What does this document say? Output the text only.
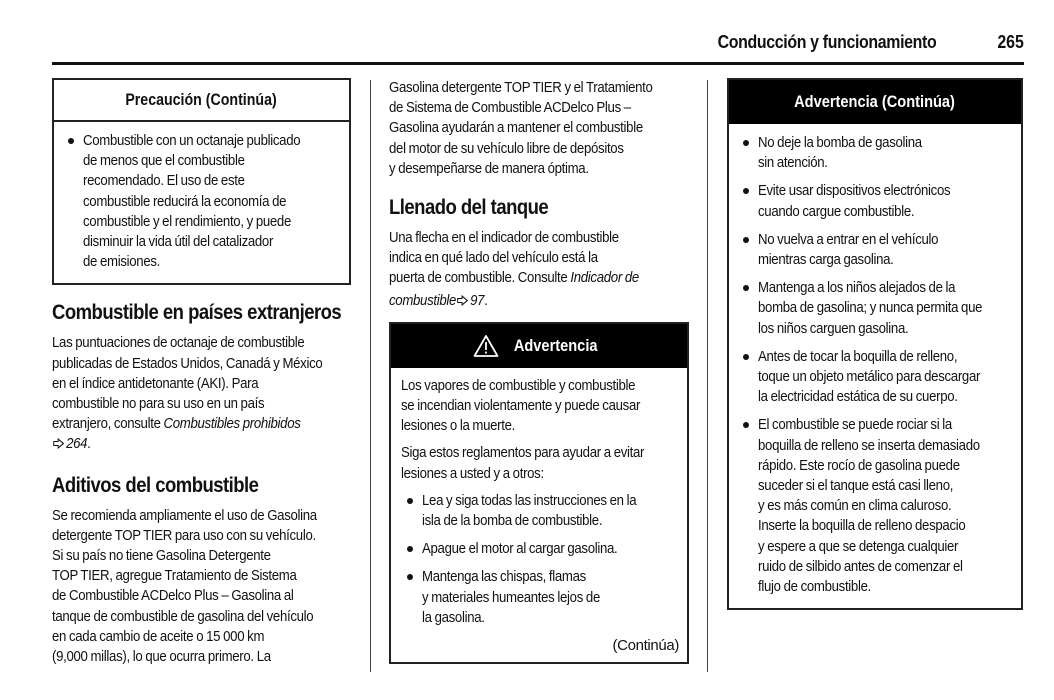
Conducción y funcionamiento	265
Precaución (Continúa)
Combustible con un octanaje publicado
de menos que el combustible
recomendado. El uso de este
combustible reducirá la economía de
combustible y el rendimiento, y puede
disminuir la vida útil del catalizador
de emisiones.
Combustible en países extranjeros
Las puntuaciones de octanaje de combustible
publicadas de Estados Unidos, Canadá y México
en el índice antidetonante (AKI). Para
combustible no para su uso en un país
extranjero, consulte Combustibles prohibidos
264.
Aditivos del combustible
Se recomienda ampliamente el uso de Gasolina
detergente TOP TIER para uso con su vehículo.
Si su país no tiene Gasolina Detergente
TOP TIER, agregue Tratamiento de Sistema
de Combustible ACDelco Plus – Gasolina al
tanque de combustible de gasolina del vehículo
en cada cambio de aceite o 15 000 km
(9,000 millas), lo que ocurra primero. La
Gasolina detergente TOP TIER y el Tratamiento
de Sistema de Combustible ACDelco Plus –
Gasolina ayudarán a mantener el combustible
del motor de su vehículo libre de depósitos
y desempeñarse de manera óptima.
Llenado del tanque
Una flecha en el indicador de combustible
indica en qué lado del vehículo está la
puerta de combustible. Consulte Indicador de
combustible 97.
Advertencia
Los vapores de combustible y combustible
se incendian violentamente y puede causar
lesiones o la muerte.
Siga estos reglamentos para ayudar a evitar
lesiones a usted y a otros:
Lea y siga todas las instrucciones en la
isla de la bomba de combustible.
Apague el motor al cargar gasolina.
Mantenga las chispas, flamas
y materiales humeantes lejos de
la gasolina.
(Continúa)
Advertencia (Continúa)
No deje la bomba de gasolina
sin atención.
Evite usar dispositivos electrónicos
cuando cargue combustible.
No vuelva a entrar en el vehículo
mientras carga gasolina.
Mantenga a los niños alejados de la
bomba de gasolina; y nunca permita que
los niños carguen gasolina.
Antes de tocar la boquilla de relleno,
toque un objeto metálico para descargar
la electricidad estática de su cuerpo.
El combustible se puede rociar si la
boquilla de relleno se inserta demasiado
rápido. Este rocío de gasolina puede
suceder si el tanque está casi lleno,
y es más común en clima caluroso.
Inserte la boquilla de relleno despacio
y espere a que se detenga cualquier
ruido de silbido antes de comenzar el
flujo de combustible.
